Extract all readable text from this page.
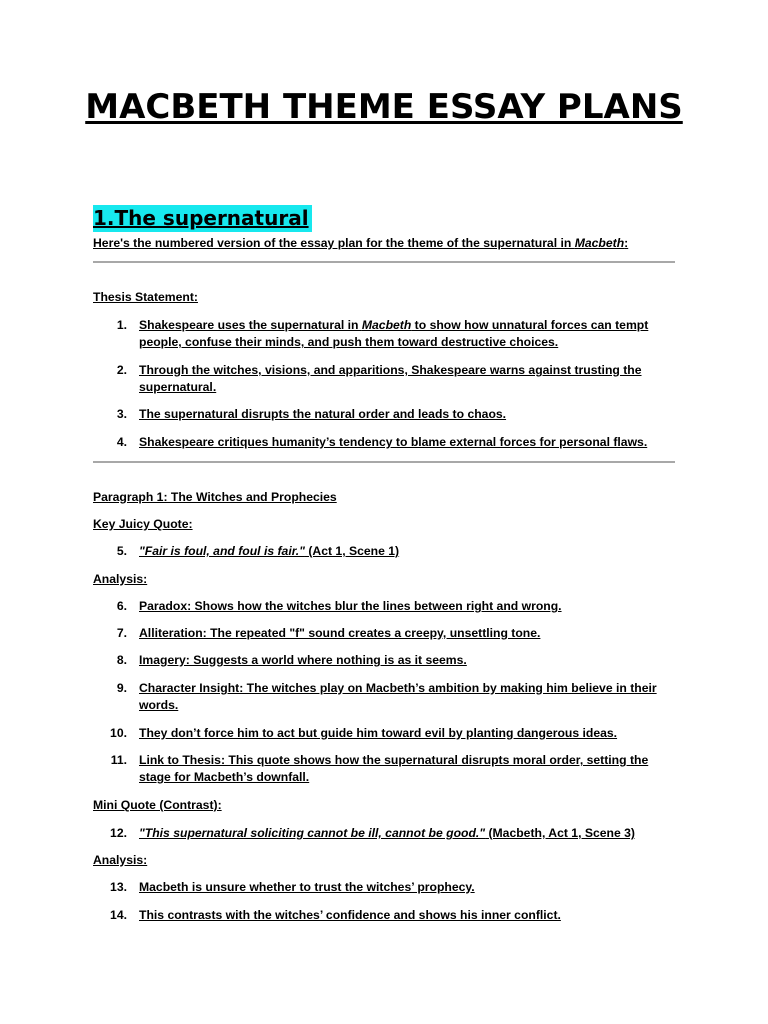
MACBETH THEME ESSAY PLANS
1.The supernatural
Here's the numbered version of the essay plan for the theme of the supernatural in Macbeth:
Thesis Statement:
1. Shakespeare uses the supernatural in Macbeth to show how unnatural forces can tempt people, confuse their minds, and push them toward destructive choices.
2. Through the witches, visions, and apparitions, Shakespeare warns against trusting the supernatural.
3. The supernatural disrupts the natural order and leads to chaos.
4. Shakespeare critiques humanity’s tendency to blame external forces for personal flaws.
Paragraph 1: The Witches and Prophecies
Key Juicy Quote:
5. "Fair is foul, and foul is fair." (Act 1, Scene 1)
Analysis:
6. Paradox: Shows how the witches blur the lines between right and wrong.
7. Alliteration: The repeated "f" sound creates a creepy, unsettling tone.
8. Imagery: Suggests a world where nothing is as it seems.
9. Character Insight: The witches play on Macbeth’s ambition by making him believe in their words.
10. They don’t force him to act but guide him toward evil by planting dangerous ideas.
11. Link to Thesis: This quote shows how the supernatural disrupts moral order, setting the stage for Macbeth’s downfall.
Mini Quote (Contrast):
12. "This supernatural soliciting cannot be ill, cannot be good." (Macbeth, Act 1, Scene 3)
Analysis:
13. Macbeth is unsure whether to trust the witches’ prophecy.
14. This contrasts with the witches’ confidence and shows his inner conflict.
